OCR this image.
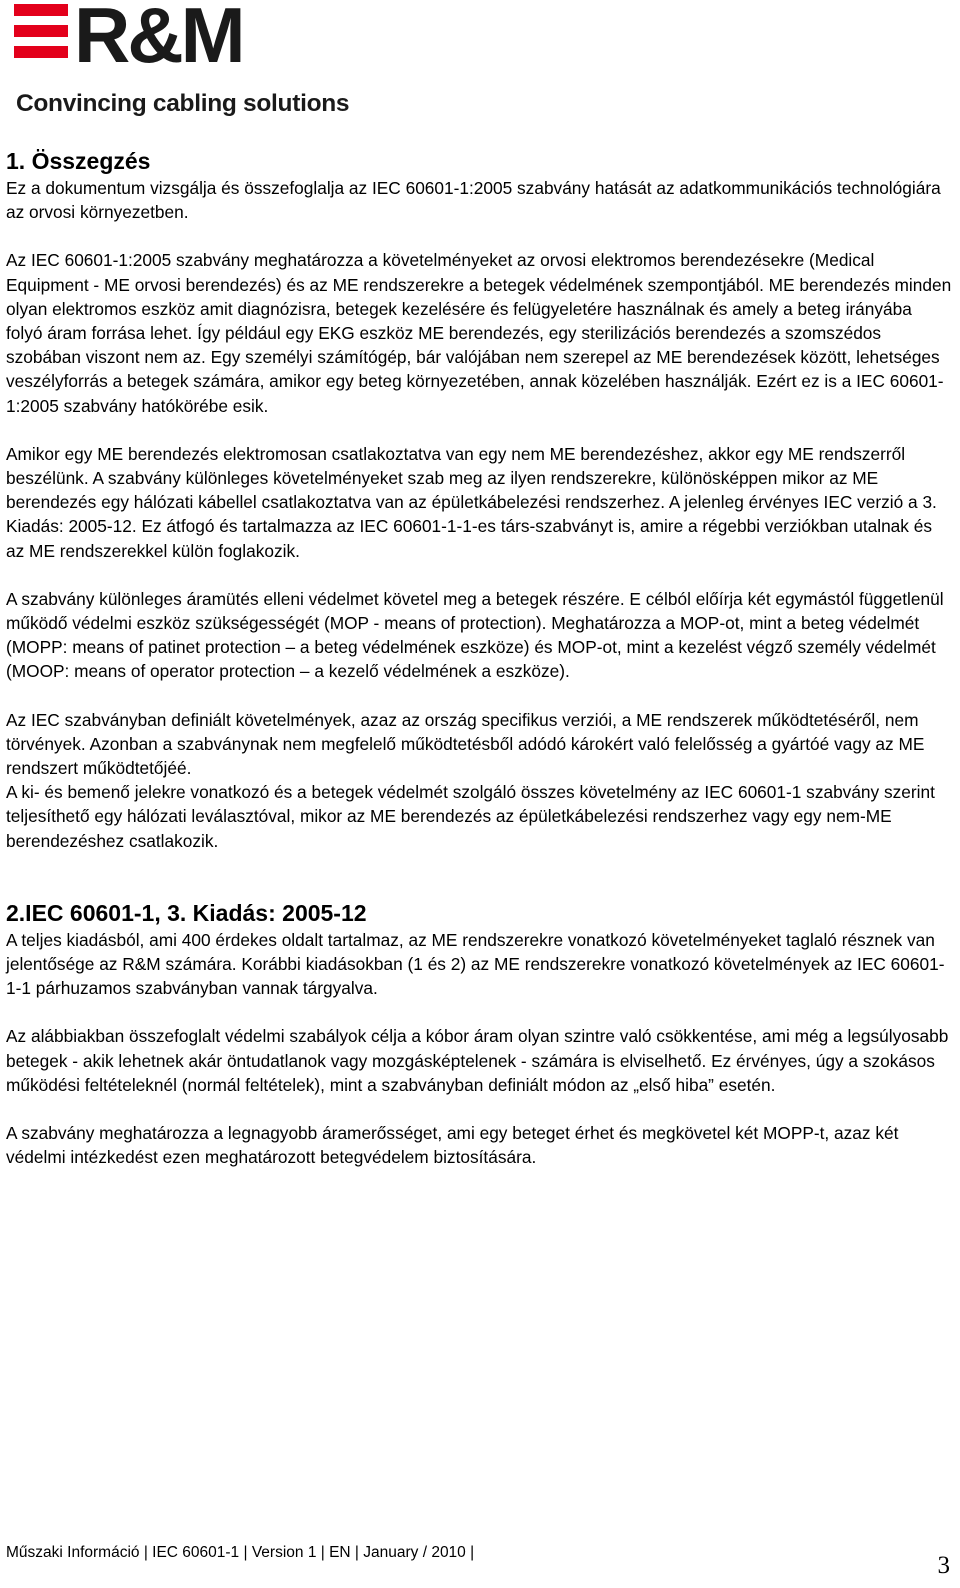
R&M
Convincing cabling solutions
1. Összegzés

Ez a dokumentum vizsgálja és összefoglalja az IEC 60601-1:2005 szabvány hatását az adatkommunikációs technológiára az orvosi környezetben.

Az IEC 60601-1:2005 szabvány meghatározza a követelményeket az orvosi elektromos berendezésekre (Medical Equipment - ME orvosi berendezés) és az ME rendszerekre a betegek védelmének szempontjából. ME berendezés minden olyan elektromos eszköz amit diagnózisra, betegek kezelésére és felügyeletére használnak és amely a beteg irányába folyó áram forrása lehet. Így például egy EKG eszköz ME berendezés, egy sterilizációs berendezés a szomszédos szobában viszont nem az. Egy személyi számítógép, bár valójában nem szerepel az ME berendezések között, lehetséges veszélyforrás a betegek számára, amikor egy beteg környezetében, annak közelében használják. Ezért ez is a IEC 60601-1:2005 szabvány hatókörébe esik.

Amikor egy ME berendezés elektromosan csatlakoztatva van egy nem ME berendezéshez, akkor egy ME rendszerről beszélünk. A szabvány különleges követelményeket szab meg az ilyen rendszerekre, különösképpen mikor az ME berendezés egy hálózati kábellel csatlakoztatva van az épületkábelezési rendszerhez. A jelenleg érvényes IEC verzió a 3. Kiadás: 2005-12. Ez átfogó és tartalmazza az IEC 60601-1-1-es társ-szabványt is, amire a régebbi verziókban utalnak és az ME rendszerekkel külön foglakozik.

A szabvány különleges áramütés elleni védelmet követel meg a betegek részére. E célból előírja két egymástól függetlenül működő védelmi eszköz szükségességét (MOP - means of protection). Meghatározza a MOP-ot, mint a beteg védelmét (MOPP: means of patinet protection – a beteg védelmének eszköze) és MOP-ot, mint a kezelést végző személy védelmét (MOOP: means of operator protection – a kezelő védelmének a eszköze).

Az IEC szabványban definiált követelmények, azaz az ország specifikus verziói, a ME rendszerek működtetéséről, nem törvények. Azonban a szabványnak nem megfelelő működtetésből adódó károkért való felelősség a gyártóé vagy az ME rendszert működtetőjéé.

A ki- és bemenő jelekre vonatkozó és a betegek védelmét szolgáló összes követelmény az IEC 60601-1 szabvány szerint teljesíthető egy hálózati leválasztóval, mikor az ME berendezés az épületkábelezési rendszerhez vagy egy nem-ME berendezéshez csatlakozik.

2.IEC 60601-1, 3. Kiadás: 2005-12

A teljes kiadásból, ami 400 érdekes oldalt tartalmaz, az ME rendszerekre vonatkozó követelményeket taglaló résznek van jelentősége az R&M számára. Korábbi kiadásokban (1 és 2) az ME rendszerekre vonatkozó követelmények az IEC 60601-1-1 párhuzamos szabványban vannak tárgyalva.

Az alábbiakban összefoglalt védelmi szabályok célja a kóbor áram olyan szintre való csökkentése, ami még a legsúlyosabb betegek - akik lehetnek akár öntudatlanok vagy mozgásképtelenek - számára is elviselhető. Ez érvényes, úgy a szokásos működési feltételeknél (normál feltételek), mint a szabványban definiált módon az „első hiba” esetén.

A szabvány meghatározza a legnagyobb áramerősséget, ami egy beteget érhet és megkövetel két MOPP-t, azaz két védelmi intézkedést ezen meghatározott betegvédelem biztosítására.

Műszaki Információ | IEC 60601-1 | Version 1 | EN | January / 2010 |	3
